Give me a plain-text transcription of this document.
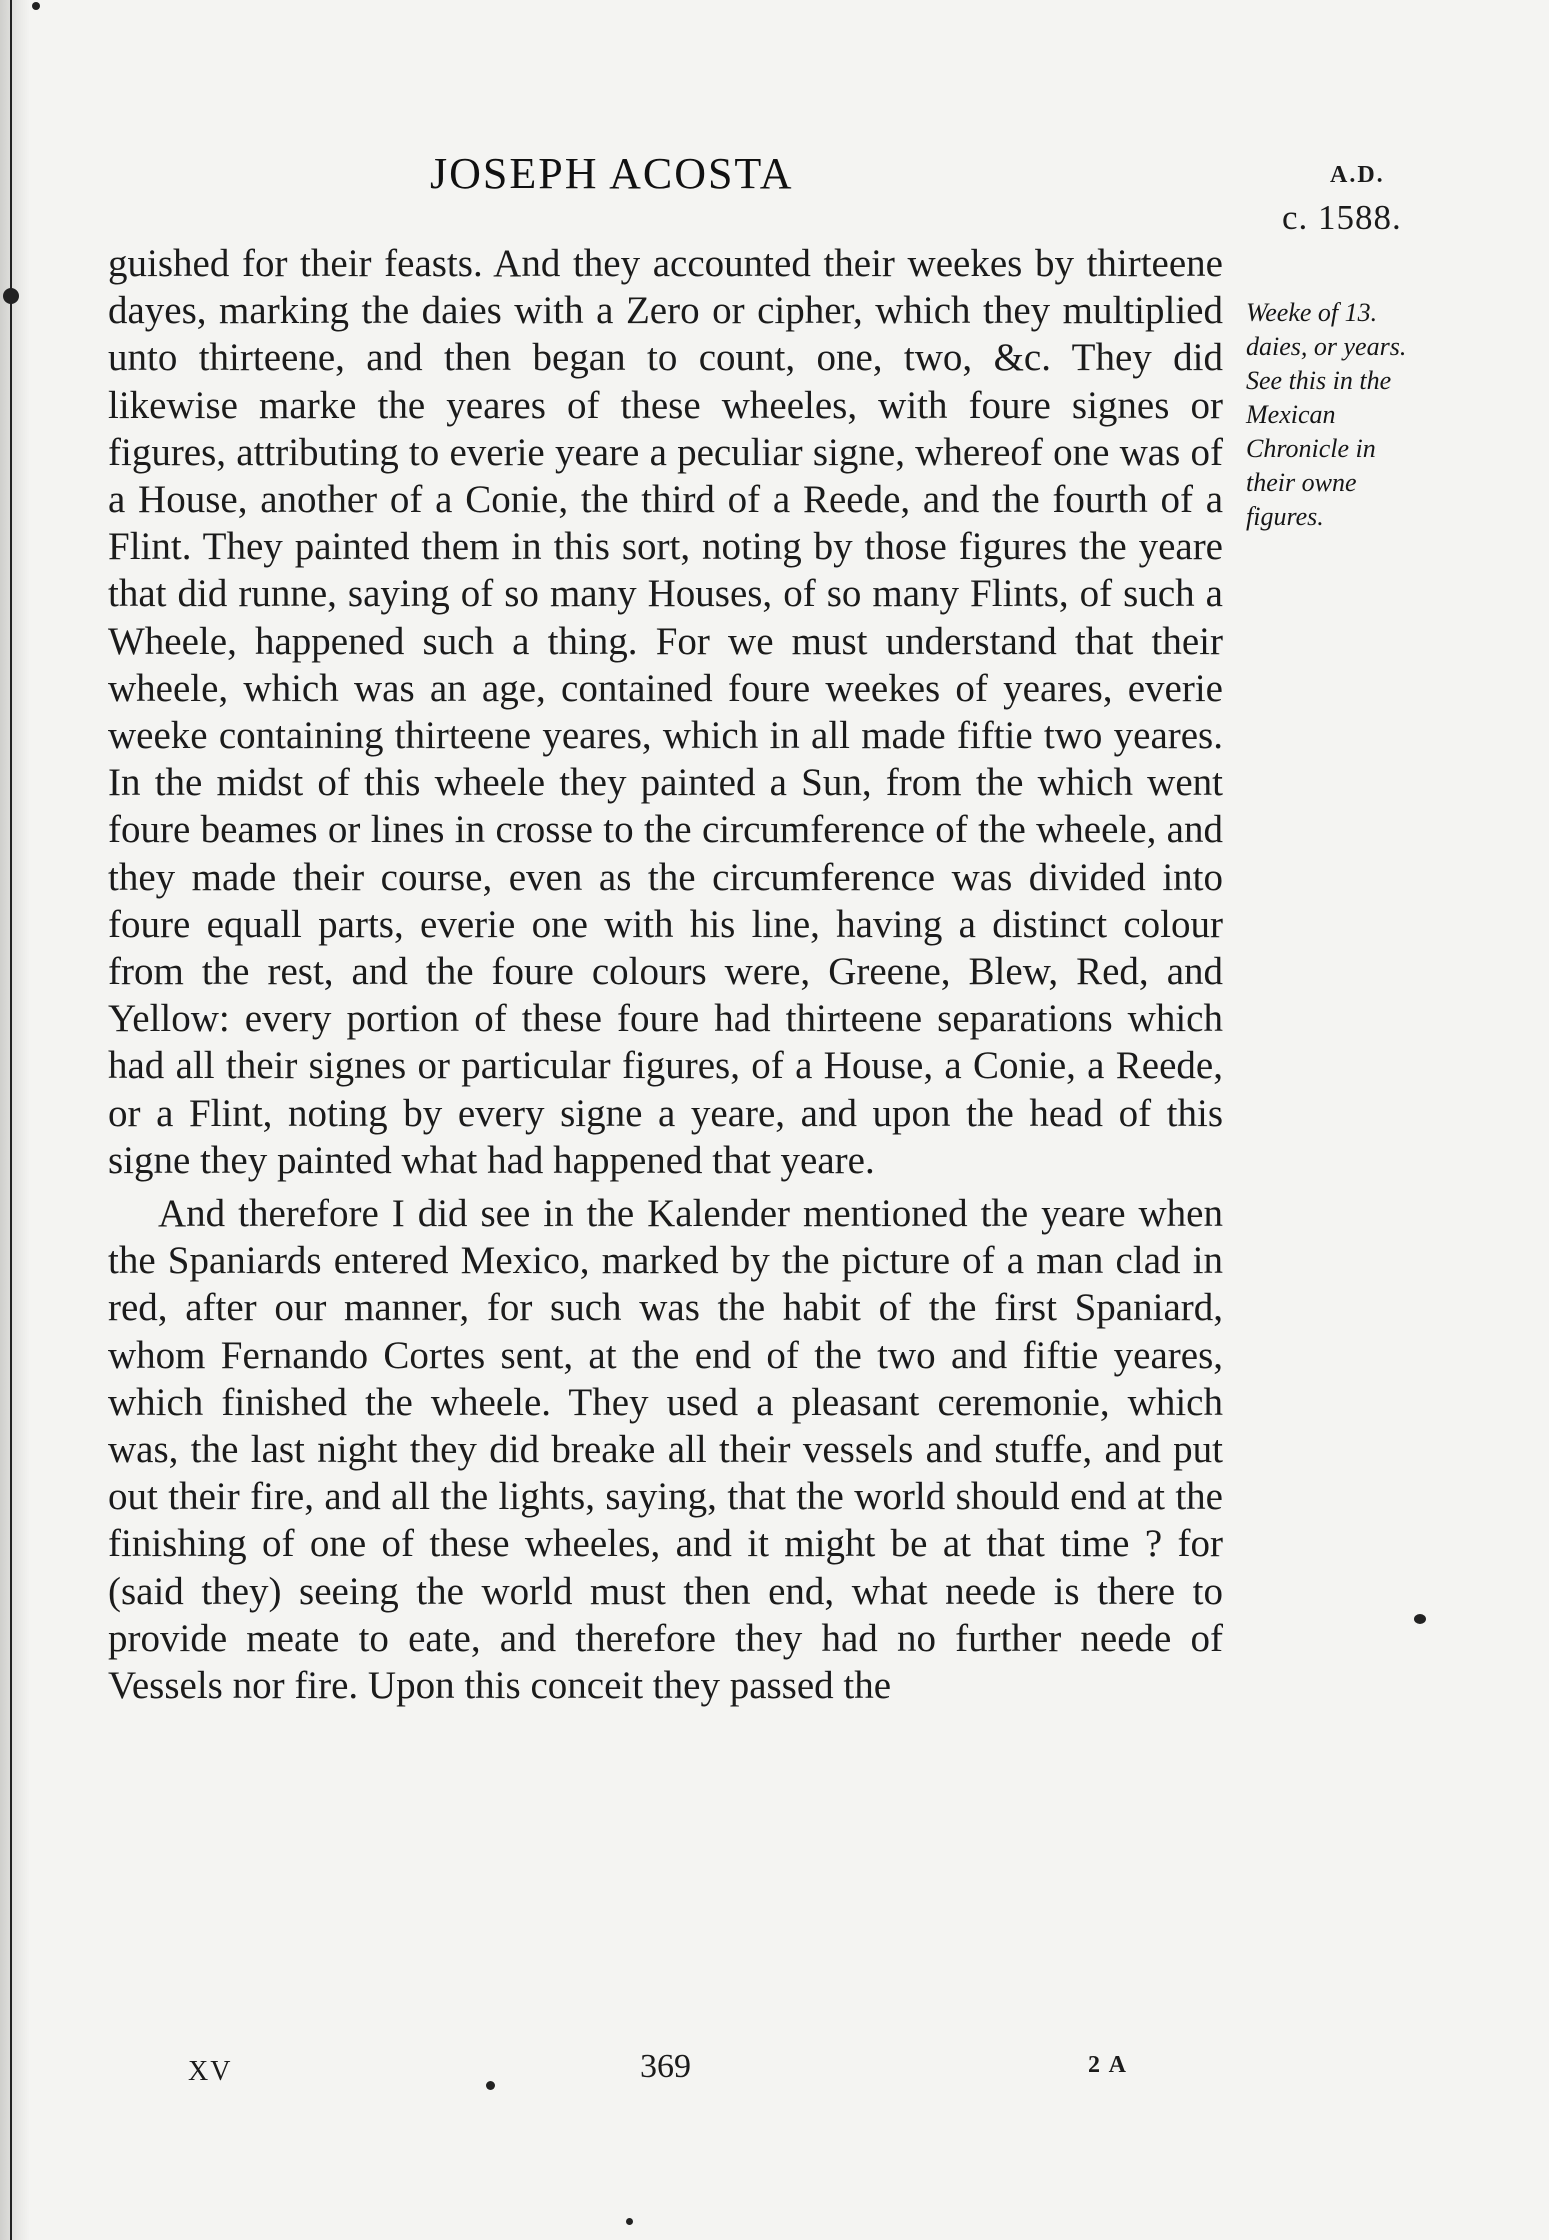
JOSEPH ACOSTA	A.D.
c. 1588.

guished for their feasts. And they accounted their weekes by thirteene dayes, marking the daies with a Zero or cipher, which they multiplied unto thirteene, and then began to count, one, two, &c. They did likewise marke the yeares of these wheeles, with foure signes or figures, attributing to everie yeare a peculiar signe, whereof one was of a House, another of a Conie, the third of a Reede, and the fourth of a Flint. They painted them in this sort, noting by those figures the yeare that did runne, saying of so many Houses, of so many Flints, of such a Wheele, happened such a thing. For we must understand that their wheele, which was an age, contained foure weekes of yeares, everie weeke containing thirteene yeares, which in all made fiftie two yeares. In the midst of this wheele they painted a Sun, from the which went foure beames or lines in crosse to the circumference of the wheele, and they made their course, even as the circumference was divided into foure equall parts, everie one with his line, having a distinct colour from the rest, and the foure colours were, Greene, Blew, Red, and Yellow: every portion of these foure had thirteene separations which had all their signes or particular figures, of a House, a Conie, a Reede, or a Flint, noting by every signe a yeare, and upon the head of this signe they painted what had happened that yeare.

And therefore I did see in the Kalender mentioned the yeare when the Spaniards entered Mexico, marked by the picture of a man clad in red, after our manner, for such was the habit of the first Spaniard, whom Fernando Cortes sent, at the end of the two and fiftie yeares, which finished the wheele. They used a pleasant ceremonie, which was, the last night they did breake all their vessels and stuffe, and put out their fire, and all the lights, saying, that the world should end at the finishing of one of these wheeles, and it might be at that time ? for (said they) seeing the world must then end, what neede is there to provide meate to eate, and therefore they had no further neede of Vessels nor fire. Upon this conceit they passed the

Weeke of 13.
daies, or years.
See this in the
Mexican
Chronicle in
their owne
figures.
XV	369	2 A
